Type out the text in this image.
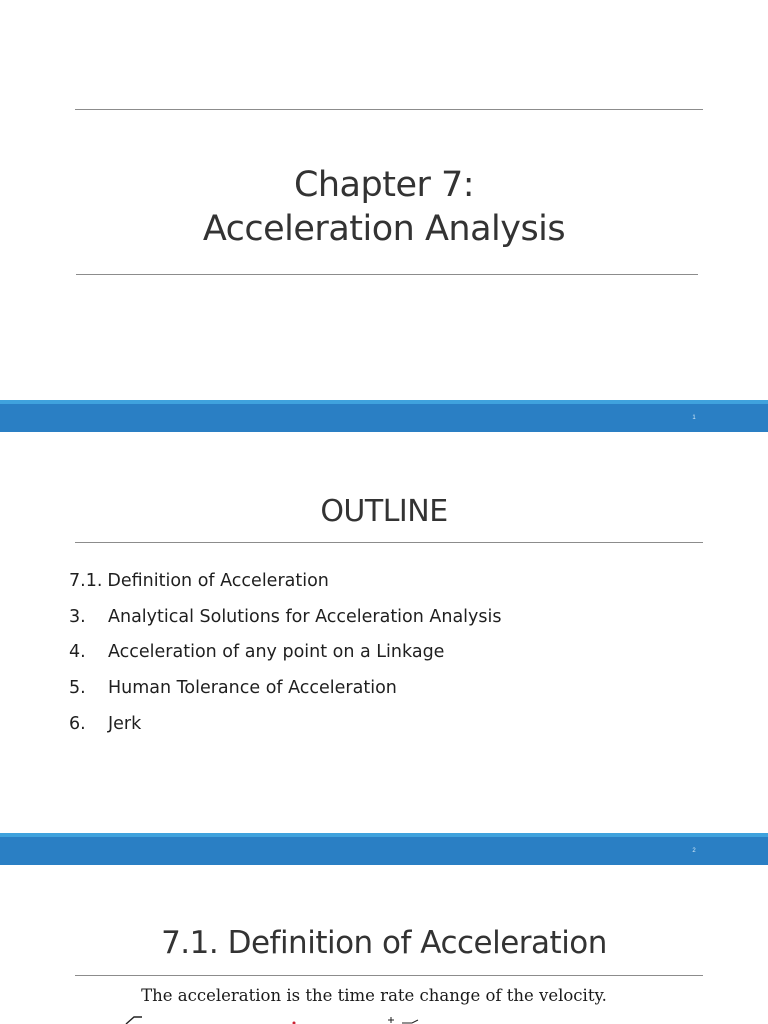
Chapter 7:
Acceleration Analysis
1
OUTLINE
2
7.1. Definition of Acceleration
3. Analytical Solutions for Acceleration Analysis
4. Acceleration of any point on a Linkage
5. Human Tolerance of Acceleration
6. Jerk
7.1. Definition of Acceleration
The acceleration is the time rate change of the velocity.
